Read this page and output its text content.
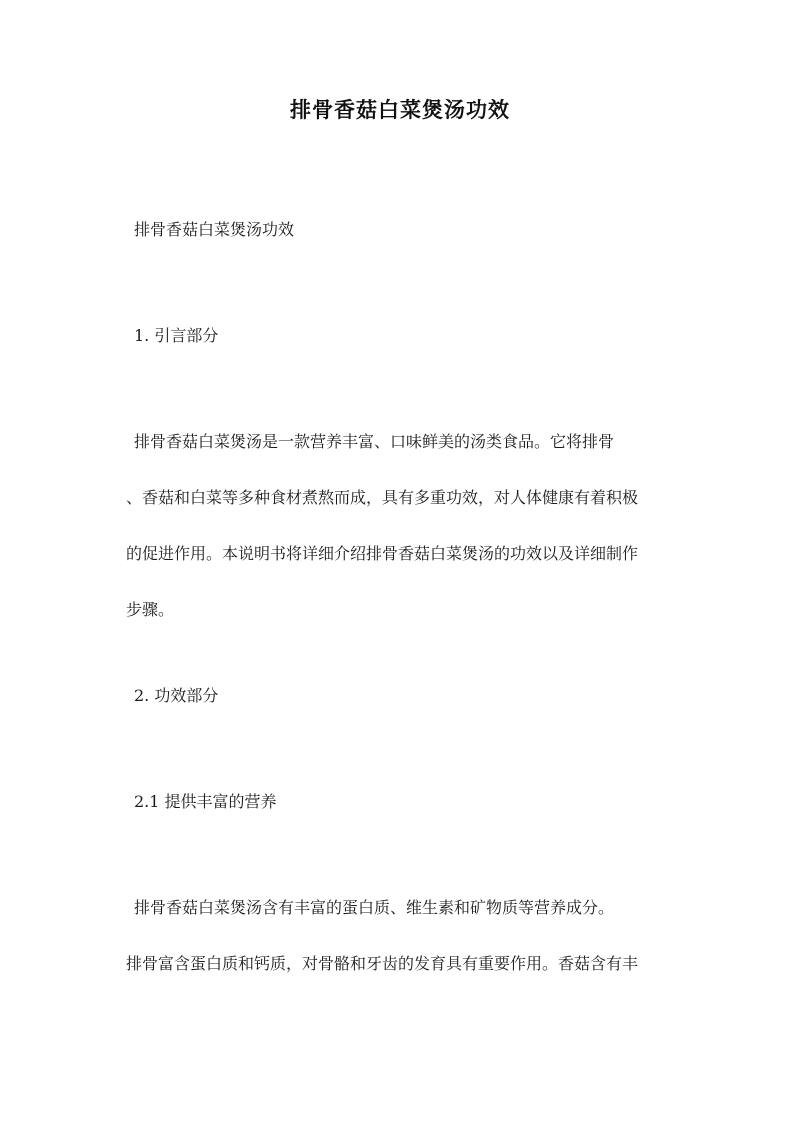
排骨香菇白菜煲汤功效

排骨香菇白菜煲汤功效

1. 引言部分

排骨香菇白菜煲汤是一款营养丰富、口味鲜美的汤类食品。它将排骨
、香菇和白菜等多种食材煮熬而成，具有多重功效，对人体健康有着积极
的促进作用。本说明书将详细介绍排骨香菇白菜煲汤的功效以及详细制作
步骤。

2. 功效部分

2.1 提供丰富的营养

排骨香菇白菜煲汤含有丰富的蛋白质、维生素和矿物质等营养成分。
排骨富含蛋白质和钙质，对骨骼和牙齿的发育具有重要作用。香菇含有丰
